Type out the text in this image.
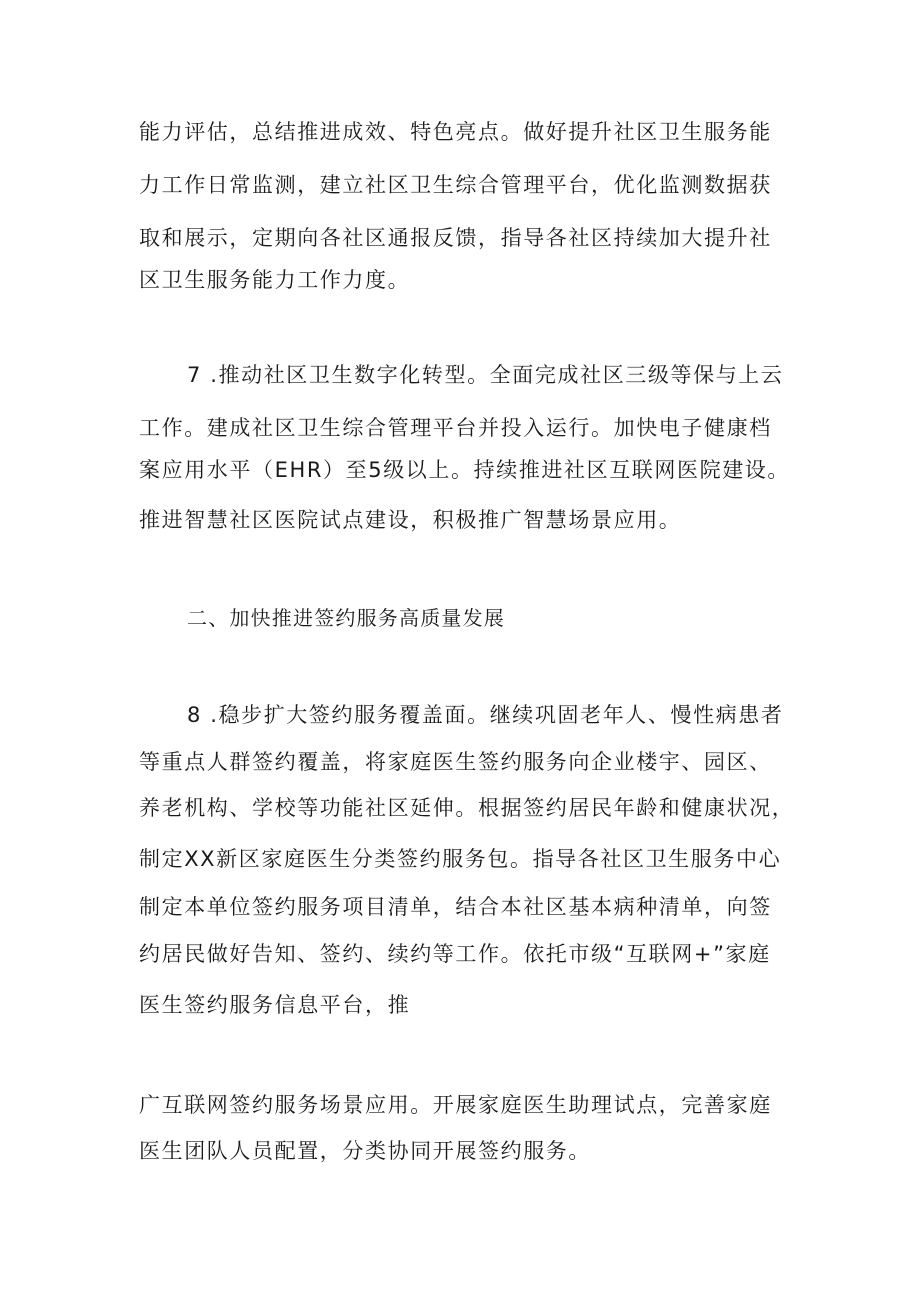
能力评估，总结推进成效、特色亮点。做好提升社区卫生服务能
力工作日常监测，建立社区卫生综合管理平台，优化监测数据获
取和展示，定期向各社区通报反馈，指导各社区持续加大提升社
区卫生服务能力工作力度。
7 .推动社区卫生数字化转型。全面完成社区三级等保与上云
工作。建成社区卫生综合管理平台并投入运行。加快电子健康档
案应用水平（EHR）至5级以上。持续推进社区互联网医院建设。
推进智慧社区医院试点建设，积极推广智慧场景应用。
二、加快推进签约服务高质量发展
8 .稳步扩大签约服务覆盖面。继续巩固老年人、慢性病患者
等重点人群签约覆盖，将家庭医生签约服务向企业楼宇、园区、
养老机构、学校等功能社区延伸。根据签约居民年龄和健康状况，
制定XX新区家庭医生分类签约服务包。指导各社区卫生服务中心
制定本单位签约服务项目清单，结合本社区基本病种清单，向签
约居民做好告知、签约、续约等工作。依托市级“互联网+”家庭
医生签约服务信息平台，推
广互联网签约服务场景应用。开展家庭医生助理试点，完善家庭
医生团队人员配置，分类协同开展签约服务。
